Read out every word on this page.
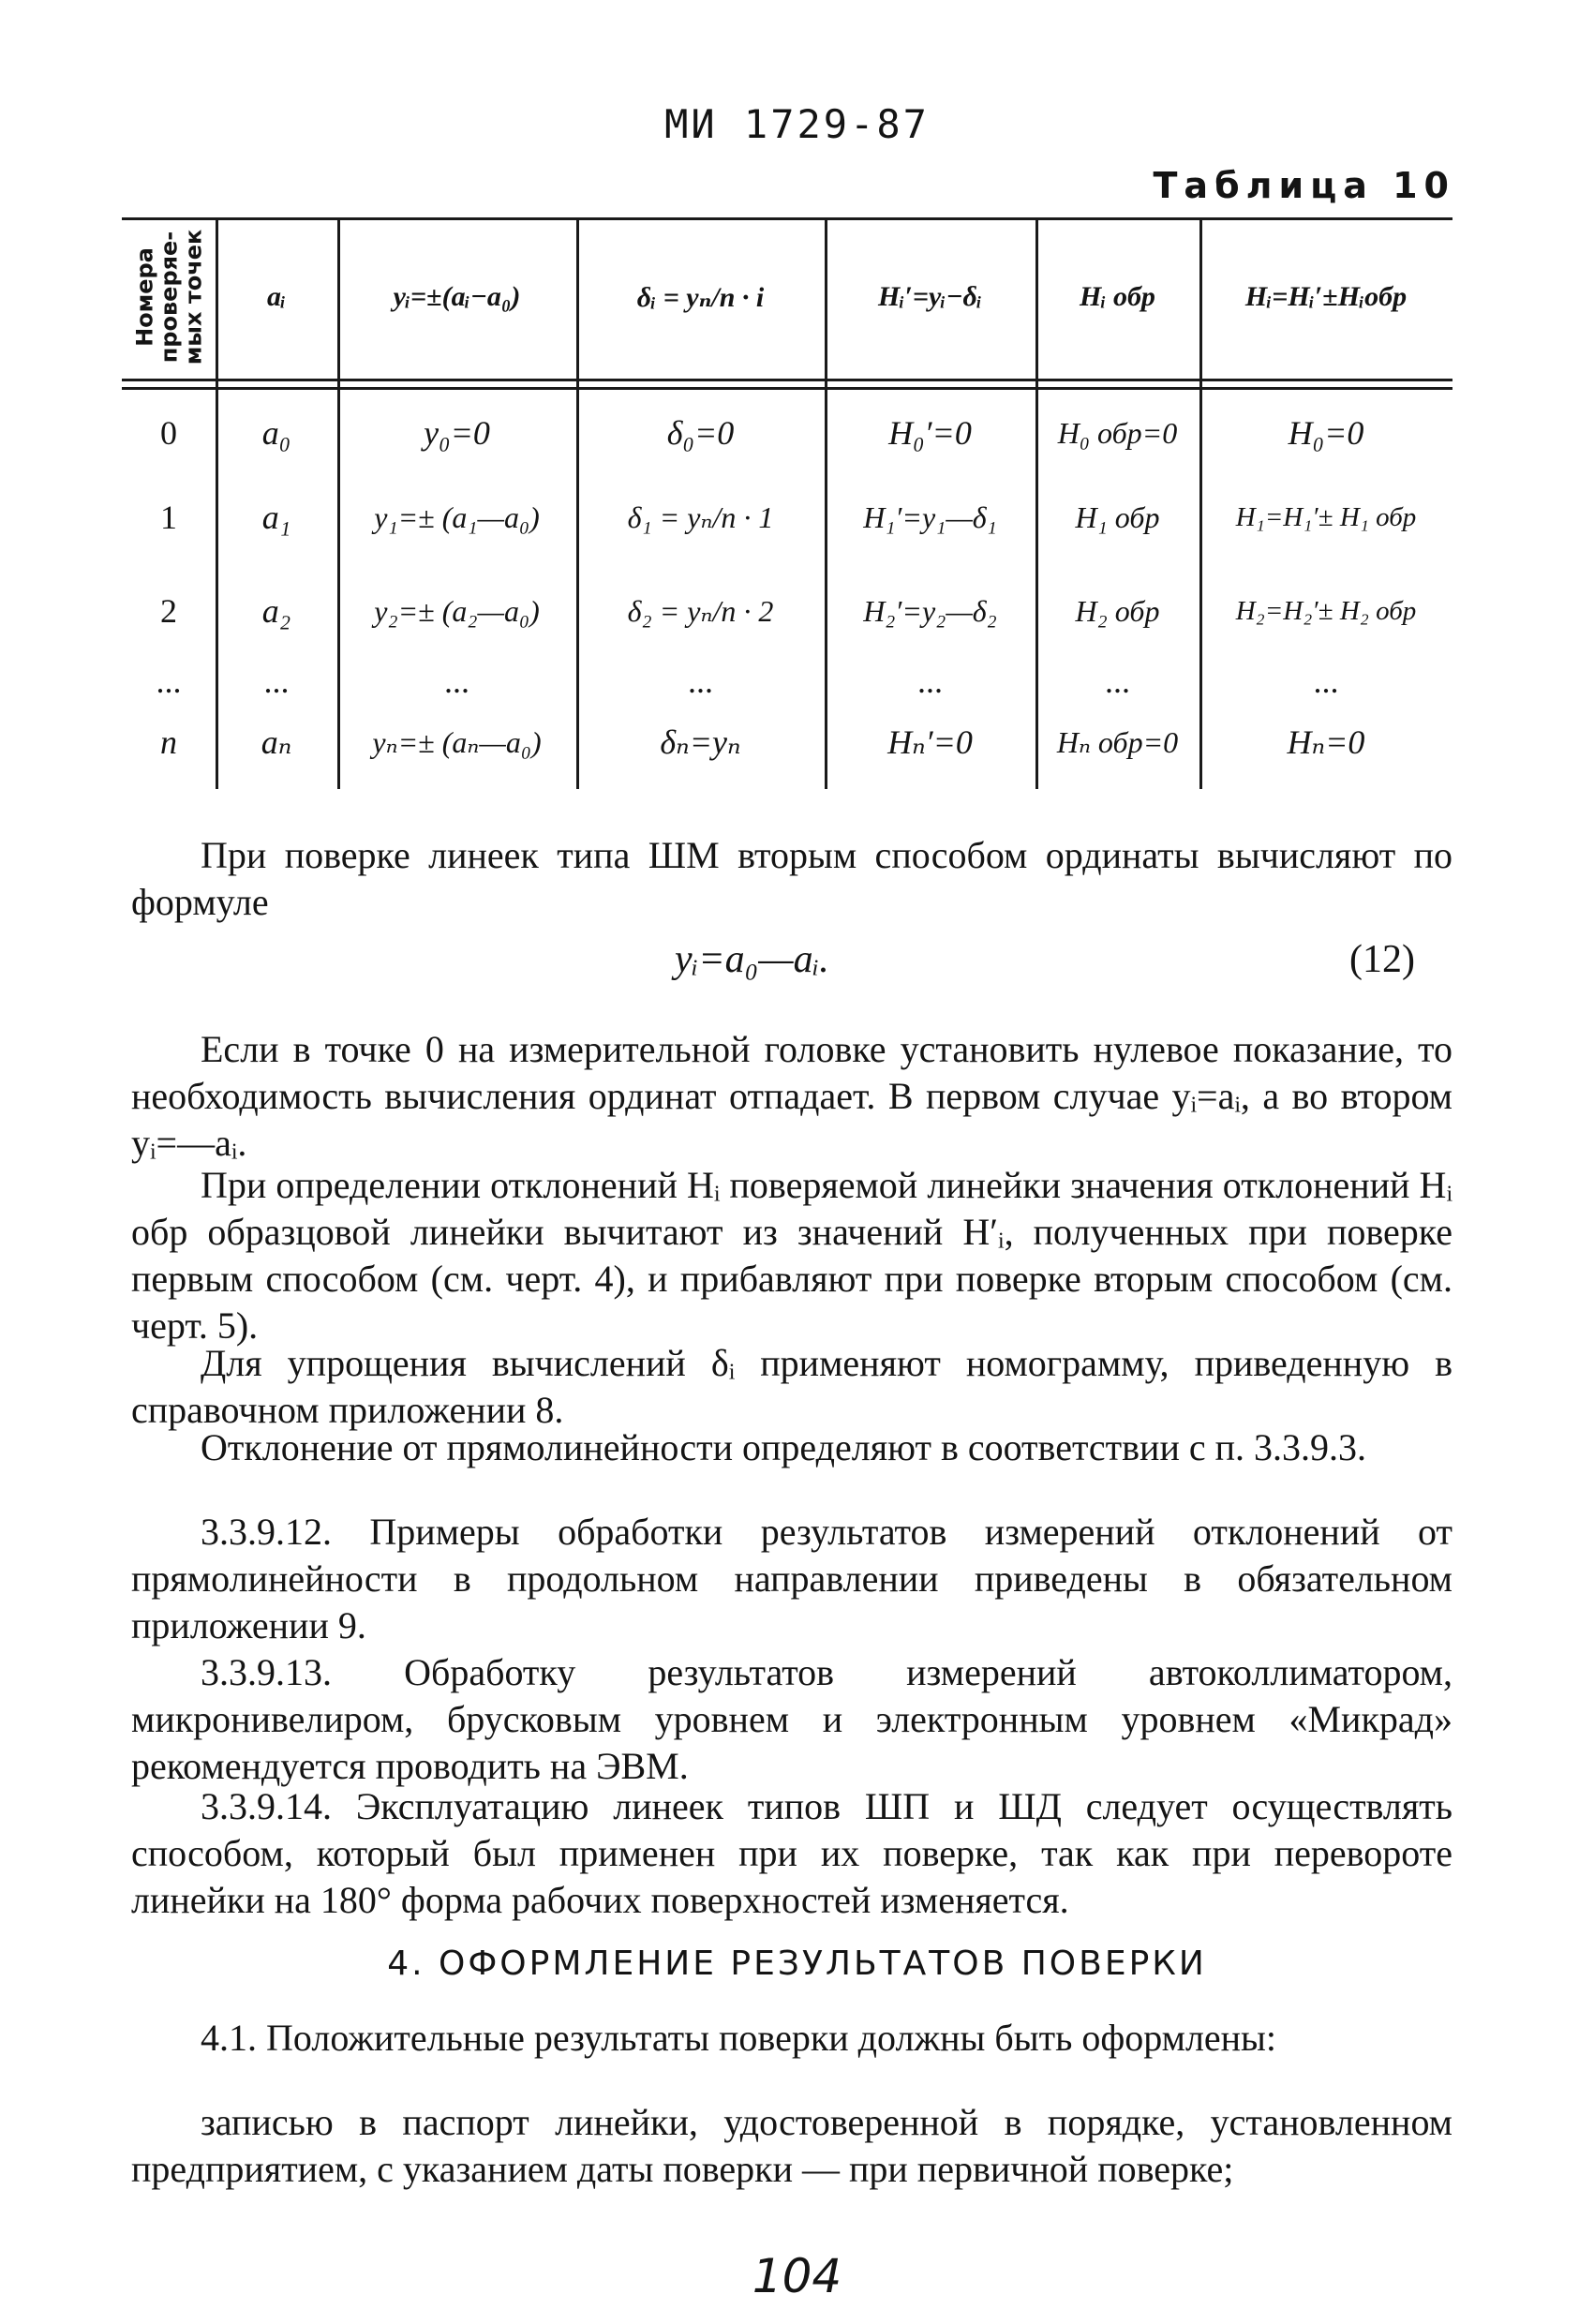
МИ 1729-87
Таблица 10
Номера
проверяе-
мых точек	aᵢ	yᵢ=±(aᵢ−a₀)	δᵢ = yₙ/n · i	Hᵢ′=yᵢ−δᵢ	Hᵢ обр	Hᵢ=Hᵢ′±Hᵢобр
0	a₀	y₀=0	δ₀=0	H₀′=0	H₀ обр=0	H₀=0
1	a₁	y₁=± (a₁—a₀)	δ₁ = yₙ/n · 1	H₁′=y₁—δ₁	H₁ обр	H₁=H₁′± H₁ обр
2	a₂	y₂=± (a₂—a₀)	δ₂ = yₙ/n · 2	H₂′=y₂—δ₂	H₂ обр	H₂=H₂′± H₂ обр
...	...	...	...	...	...	...
n	aₙ	yₙ=± (aₙ—a₀)	δₙ=yₙ	Hₙ′=0	Hₙ обр=0	Hₙ=0
При поверке линеек типа ШМ вторым способом ординаты вычисляют по формуле
yᵢ=a₀—aᵢ.	(12)
Если в точке 0 на измерительной головке установить нулевое показание, то необходимость вычисления ординат отпадает. В первом случае yᵢ=aᵢ, а во втором yᵢ=—aᵢ.
При определении отклонений Hᵢ поверяемой линейки значения отклонений Hᵢ обр образцовой линейки вычитают из значений H′ᵢ, полученных при поверке первым способом (см. черт. 4), и прибавляют при поверке вторым способом (см. черт. 5).
Для упрощения вычислений δᵢ применяют номограмму, приведенную в справочном приложении 8.
Отклонение от прямолинейности определяют в соответствии с п. 3.3.9.3.
3.3.9.12. Примеры обработки результатов измерений отклонений от прямолинейности в продольном направлении приведены в обязательном приложении 9.
3.3.9.13. Обработку результатов измерений автоколлиматором, микронивелиром, брусковым уровнем и электронным уровнем «Микрад» рекомендуется проводить на ЭВМ.
3.3.9.14. Эксплуатацию линеек типов ШП и ШД следует осуществлять способом, который был применен при их поверке, так как при перевороте линейки на 180° форма рабочих поверхностей изменяется.
4. ОФОРМЛЕНИЕ РЕЗУЛЬТАТОВ ПОВЕРКИ
4.1. Положительные результаты поверки должны быть оформлены:
записью в паспорт линейки, удостоверенной в порядке, установленном предприятием, с указанием даты поверки — при первичной поверке;
104
